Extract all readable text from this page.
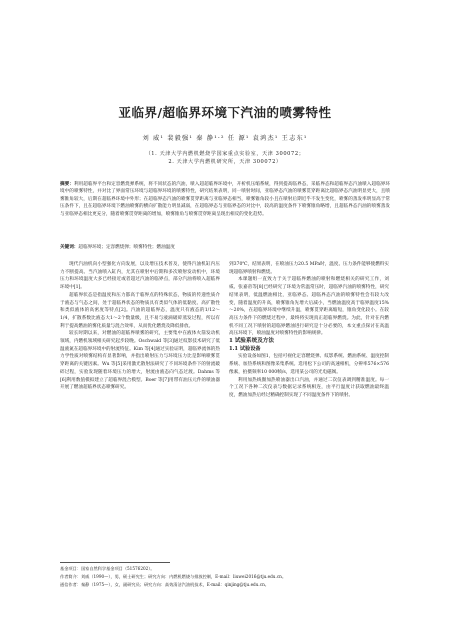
亚临界/超临界环境下汽油的喷雾特性
刘 威¹ 裴毅强¹ 秦 静¹·² 任 源¹ 袁鸿杰¹ 王志东¹
（1. 天津大学内燃机燃烧学国家重点实验室，天津 300072；
2. 天津大学内燃机研究所，天津 300072）
摘要：利用超临界平台和定容燃烧弹系统，将不同状态的汽油，喷入超超临界环境中，开析机压缩系统，得到提高临界态，采临界态和超临界态汽油喷入超临界环境中的喷雾特性，并对比了界面常压环境与超临界环境的喷雾特性，研究结果表明，同一喷射时间，亚临界态汽油的喷雾贯穿距离比超临界态汽油明显更大，且喷雾锥角较大，后期在超临界环境中外形；在超临界态汽油的喷雾贯穿距离与亚临界态相当，喷雾锥角较小且在喷射后期近乎不发生变化，喷雾的蒸发率明显高于常压条件下，且在超临界环境下燃油喷雾的横向扩散能力明显减弱，在超临界态与亚临界态的对比中，较高的温度条件下喷雾锥角略增，且超临界态汽油的喷雾蒸发与亚临界态相比更充分，随着喷雾贯穿距离的增加，喷雾锥角与喷雾贯穿距离呈现出相反的变化趋势。
关键词：超临界环境；定容燃烧弹；喷雾特性；燃油温度

现代汽油机向小型强化方向发展，以及增压技术普及，使得汽油机缸内压力不断提高。当汽油喷入缸内，尤其在喷射中后期和多次喷射发动机中，环境压力和环境温度大多已经接近或者超过汽油的临界点，部分汽油将喷入超临界环境中[1]。

超临界状态是指温度和压力都高于临界点的特殊状态，物质的传递性质介于液态与气态之间，处于超临界状态的物质具有类似气体的低黏度、高扩散性和类似液体的高密度等特点[2]。汽油的超临界态，温度只有液态的1/12～1/4，扩散系数比液态大1～2个数量级，且不易与液滴破碎蒸发过程，所以有利于提高燃油的雾化质量与混合效率，从而优化燃烧及降低排放。

较长时期以来，对燃油的超临界喷雾的研究，主要集中在液体火箭发动机领域，内燃机领域相关研究起步较晚。Oschwald 等[3]通过纹影技术研究了低温液氮在超临界环境中的射流特征。Kim 等[4]通过实验证明，超临界流体的热力学性质对喷雾结构有显著影响，并指出喷射压力与环境压力比是影响喷雾贯穿距离的关键因素。Wu 等[5]采用激光散射法研究了不同环境条件下的射流破碎过程，实验发现随着环境压力的增大，射流由液态向气态过渡。Dahms 等[6]利用数值模拟建立了超临界混合模型。Boer 等[7]用带有油压元件的喷油器开展了燃油超临界状态喷雾研究。

到370℃，结果表明，在喷油压力20.5 MPa时，温度、压力条件能够使燃料实现超临界喷射和燃烧。

本课题组一直致力于关于超临界燃油的喷射和燃烧相关的研究工作，刘威、张嘉帝等[8]已经研究了环境为常温常压时，超临界汽油的喷雾特性，研究结果表明，低温燃油相比，亚临界态、超临界态汽油的喷雾特性会有较大改变，随着温度的升高，喷雾锥角先增大后减小，当燃油温度高于临界温度15%～20%，在超临界环境中继续升温，喷雾贯穿距离缩短，锥角变化较小。在较高压力条件下的燃烧过程中，最终将实现真正超临界燃烧。为此，针对在内燃机不同工况下喷射的超临界燃油进行研究是十分必要的，本文重点探讨在高温高压环境下，喷油温度对喷雾特性的影响规律。

1 试验系统及方法

1.1 试验设备

实验设备如图1，包括可视化定容燃烧弹、纹影系统、燃油系统、温度控制系统、加热系统和图像采集系统。选用松下公司的高速相机，分辨率576×576像素，拍摄频率10 000帧/s，选用某公司的光电磁阀。

利用加热线圈加热喷油器出口汽油，并通过二次仪表调到精准温度。每一个工况下各种二次仪表与数据记录系统相连，由平行温度计获取燃油最终温度，燃油加热后经过精确控制实现了不同温度条件下的喷射。

基金项目：国家自然科学基金项目（51576202）。
作者简介：刘威（1990—），男，硕士研究生；研究方向：内燃机燃烧与排放控制，E-mail：liuwei2016@tju.edu.cn。
通信作者：秦静（1975—），女，副研究员；研究方向：高效清洁汽油机技术，E-mail：qinjing@tju.edu.cn。
